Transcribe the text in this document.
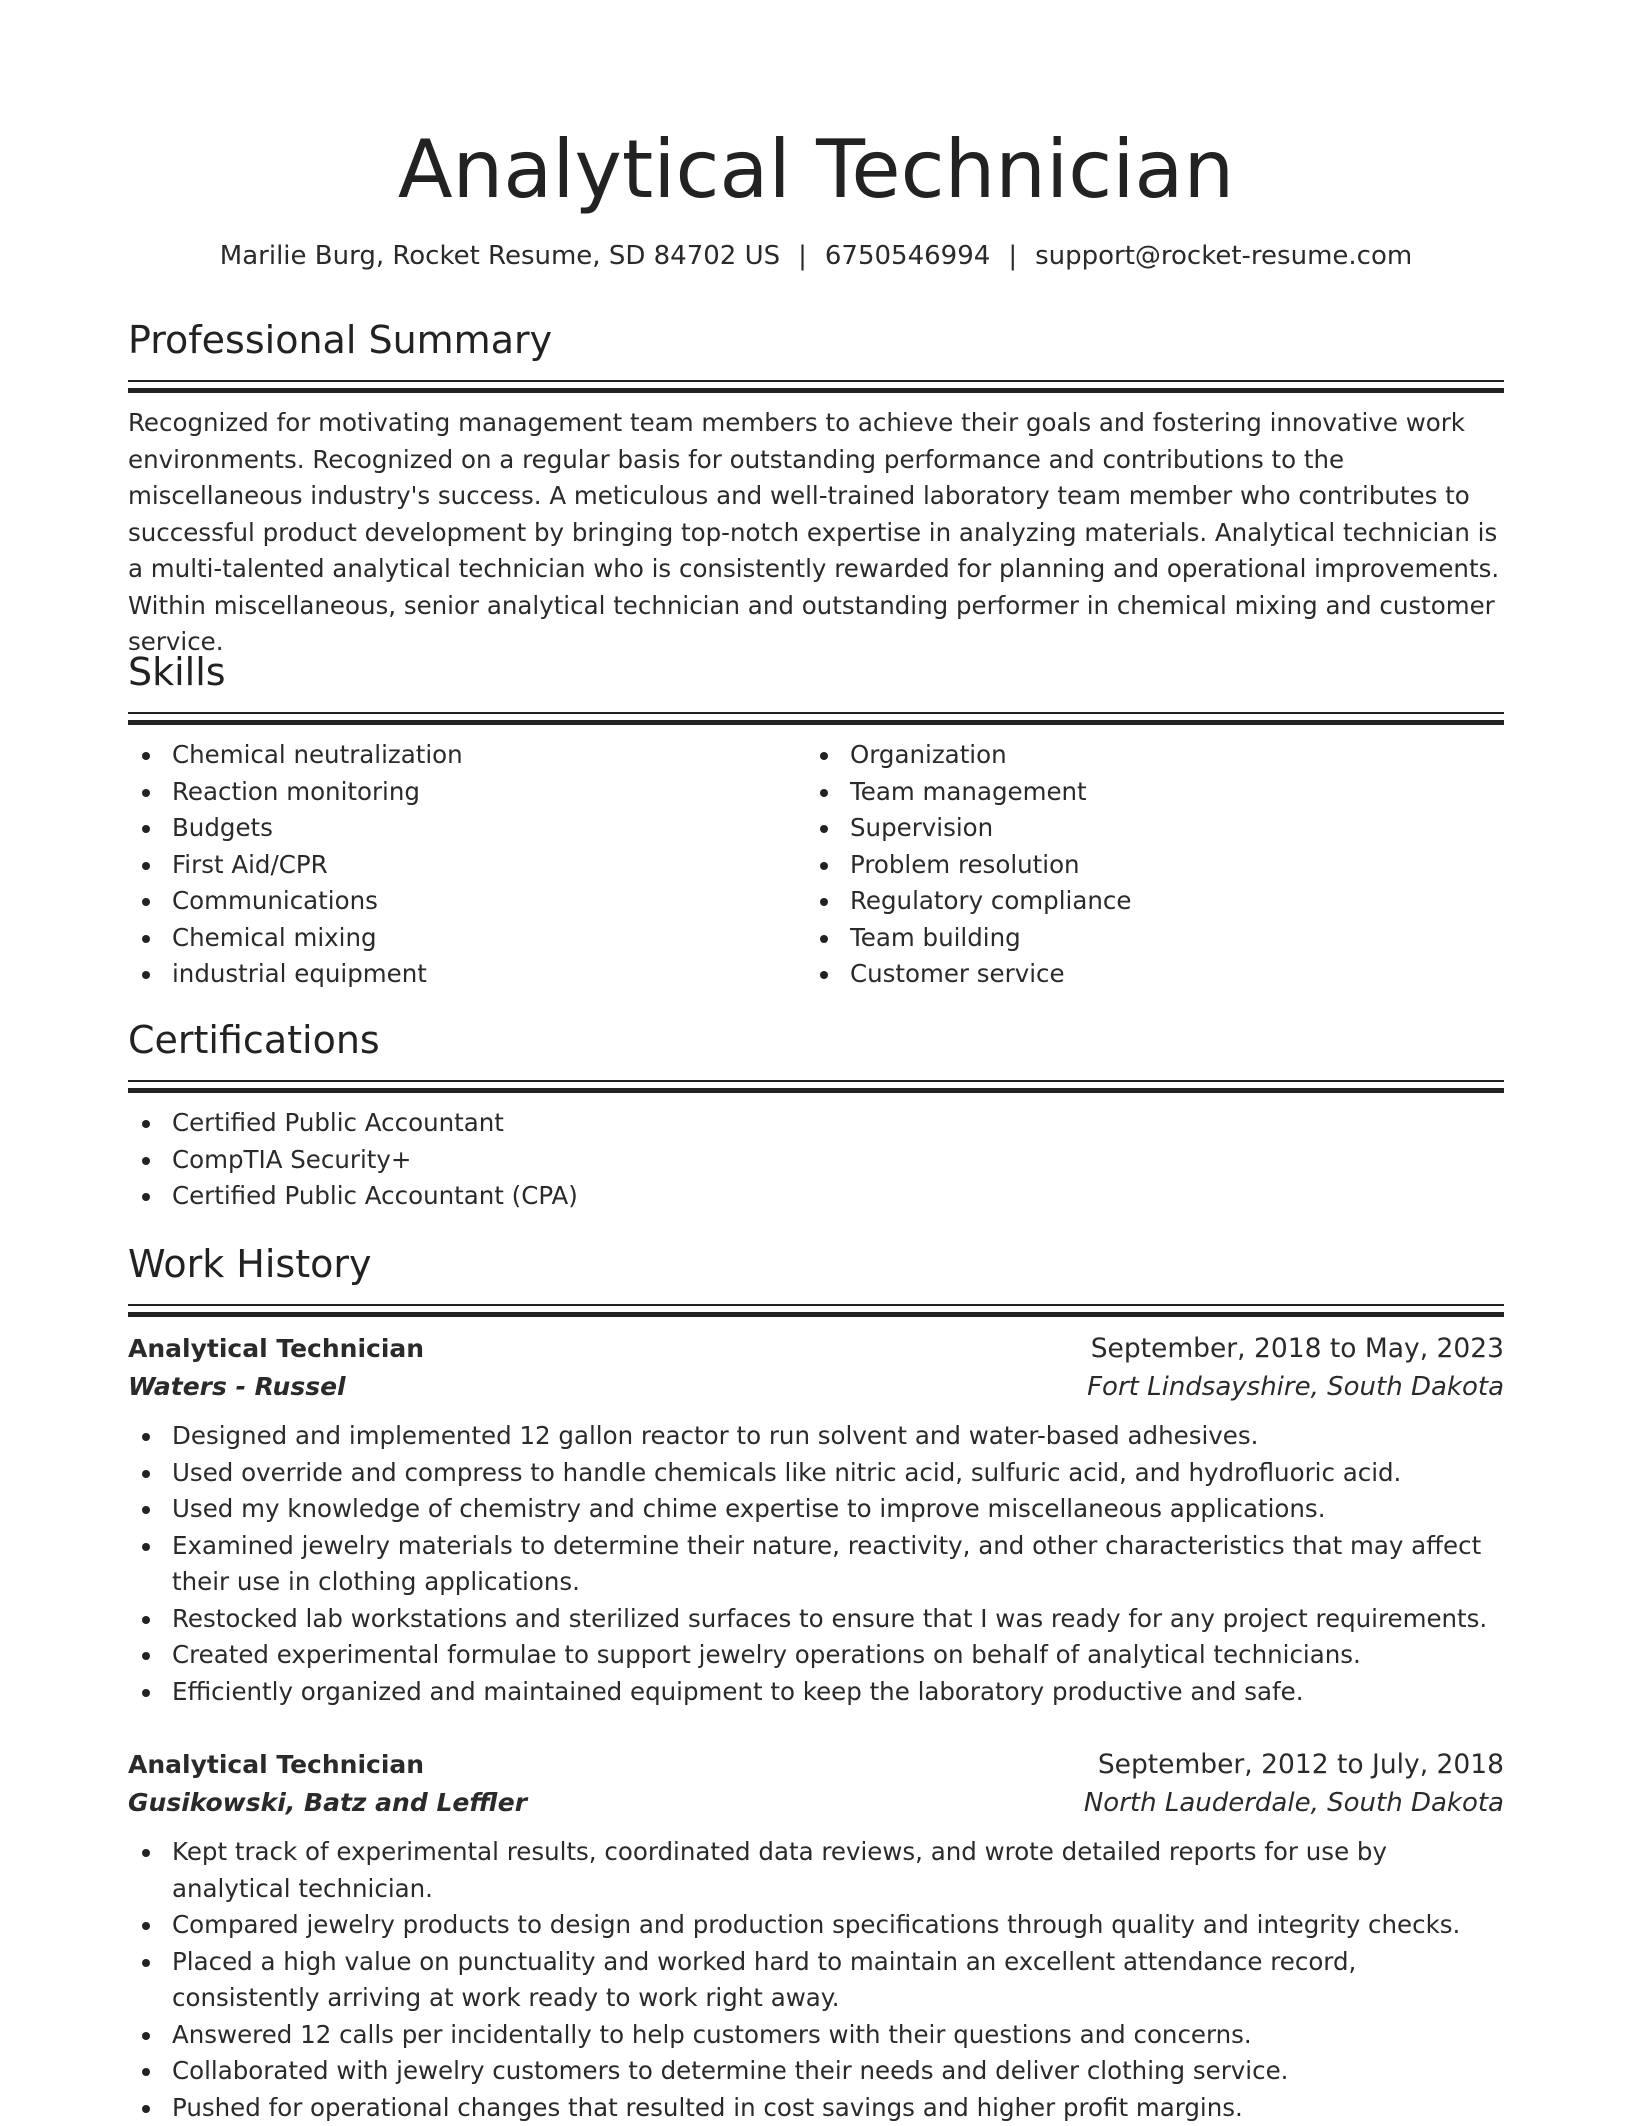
Analytical Technician
Marilie Burg, Rocket Resume, SD 84702 US | 6750546994 | support@rocket-resume.com
Professional Summary

Recognized for motivating management team members to achieve their goals and fostering innovative work environments. Recognized on a regular basis for outstanding performance and contributions to the miscellaneous industry's success. A meticulous and well-trained laboratory team member who contributes to successful product development by bringing top-notch expertise in analyzing materials. Analytical technician is a multi-talented analytical technician who is consistently rewarded for planning and operational improvements. Within miscellaneous, senior analytical technician and outstanding performer in chemical mixing and customer service.

Skills
Chemical neutralization
Reaction monitoring
Budgets
First Aid/CPR
Communications
Chemical mixing
industrial equipment
Organization
Team management
Supervision
Problem resolution
Regulatory compliance
Team building
Customer service
Certifications
Certified Public Accountant
CompTIA Security+
Certified Public Accountant (CPA)
Work History
Analytical Technician	September, 2018 to May, 2023
Waters - Russel	Fort Lindsayshire, South Dakota
Designed and implemented 12 gallon reactor to run solvent and water-based adhesives.
Used override and compress to handle chemicals like nitric acid, sulfuric acid, and hydrofluoric acid.
Used my knowledge of chemistry and chime expertise to improve miscellaneous applications.
Examined jewelry materials to determine their nature, reactivity, and other characteristics that may affect their use in clothing applications.
Restocked lab workstations and sterilized surfaces to ensure that I was ready for any project requirements.
Created experimental formulae to support jewelry operations on behalf of analytical technicians.
Efficiently organized and maintained equipment to keep the laboratory productive and safe.
Analytical Technician	September, 2012 to July, 2018
Gusikowski, Batz and Leffler	North Lauderdale, South Dakota
Kept track of experimental results, coordinated data reviews, and wrote detailed reports for use by analytical technician.
Compared jewelry products to design and production specifications through quality and integrity checks.
Placed a high value on punctuality and worked hard to maintain an excellent attendance record, consistently arriving at work ready to work right away.
Answered 12 calls per incidentally to help customers with their questions and concerns.
Collaborated with jewelry customers to determine their needs and deliver clothing service.
Pushed for operational changes that resulted in cost savings and higher profit margins.
